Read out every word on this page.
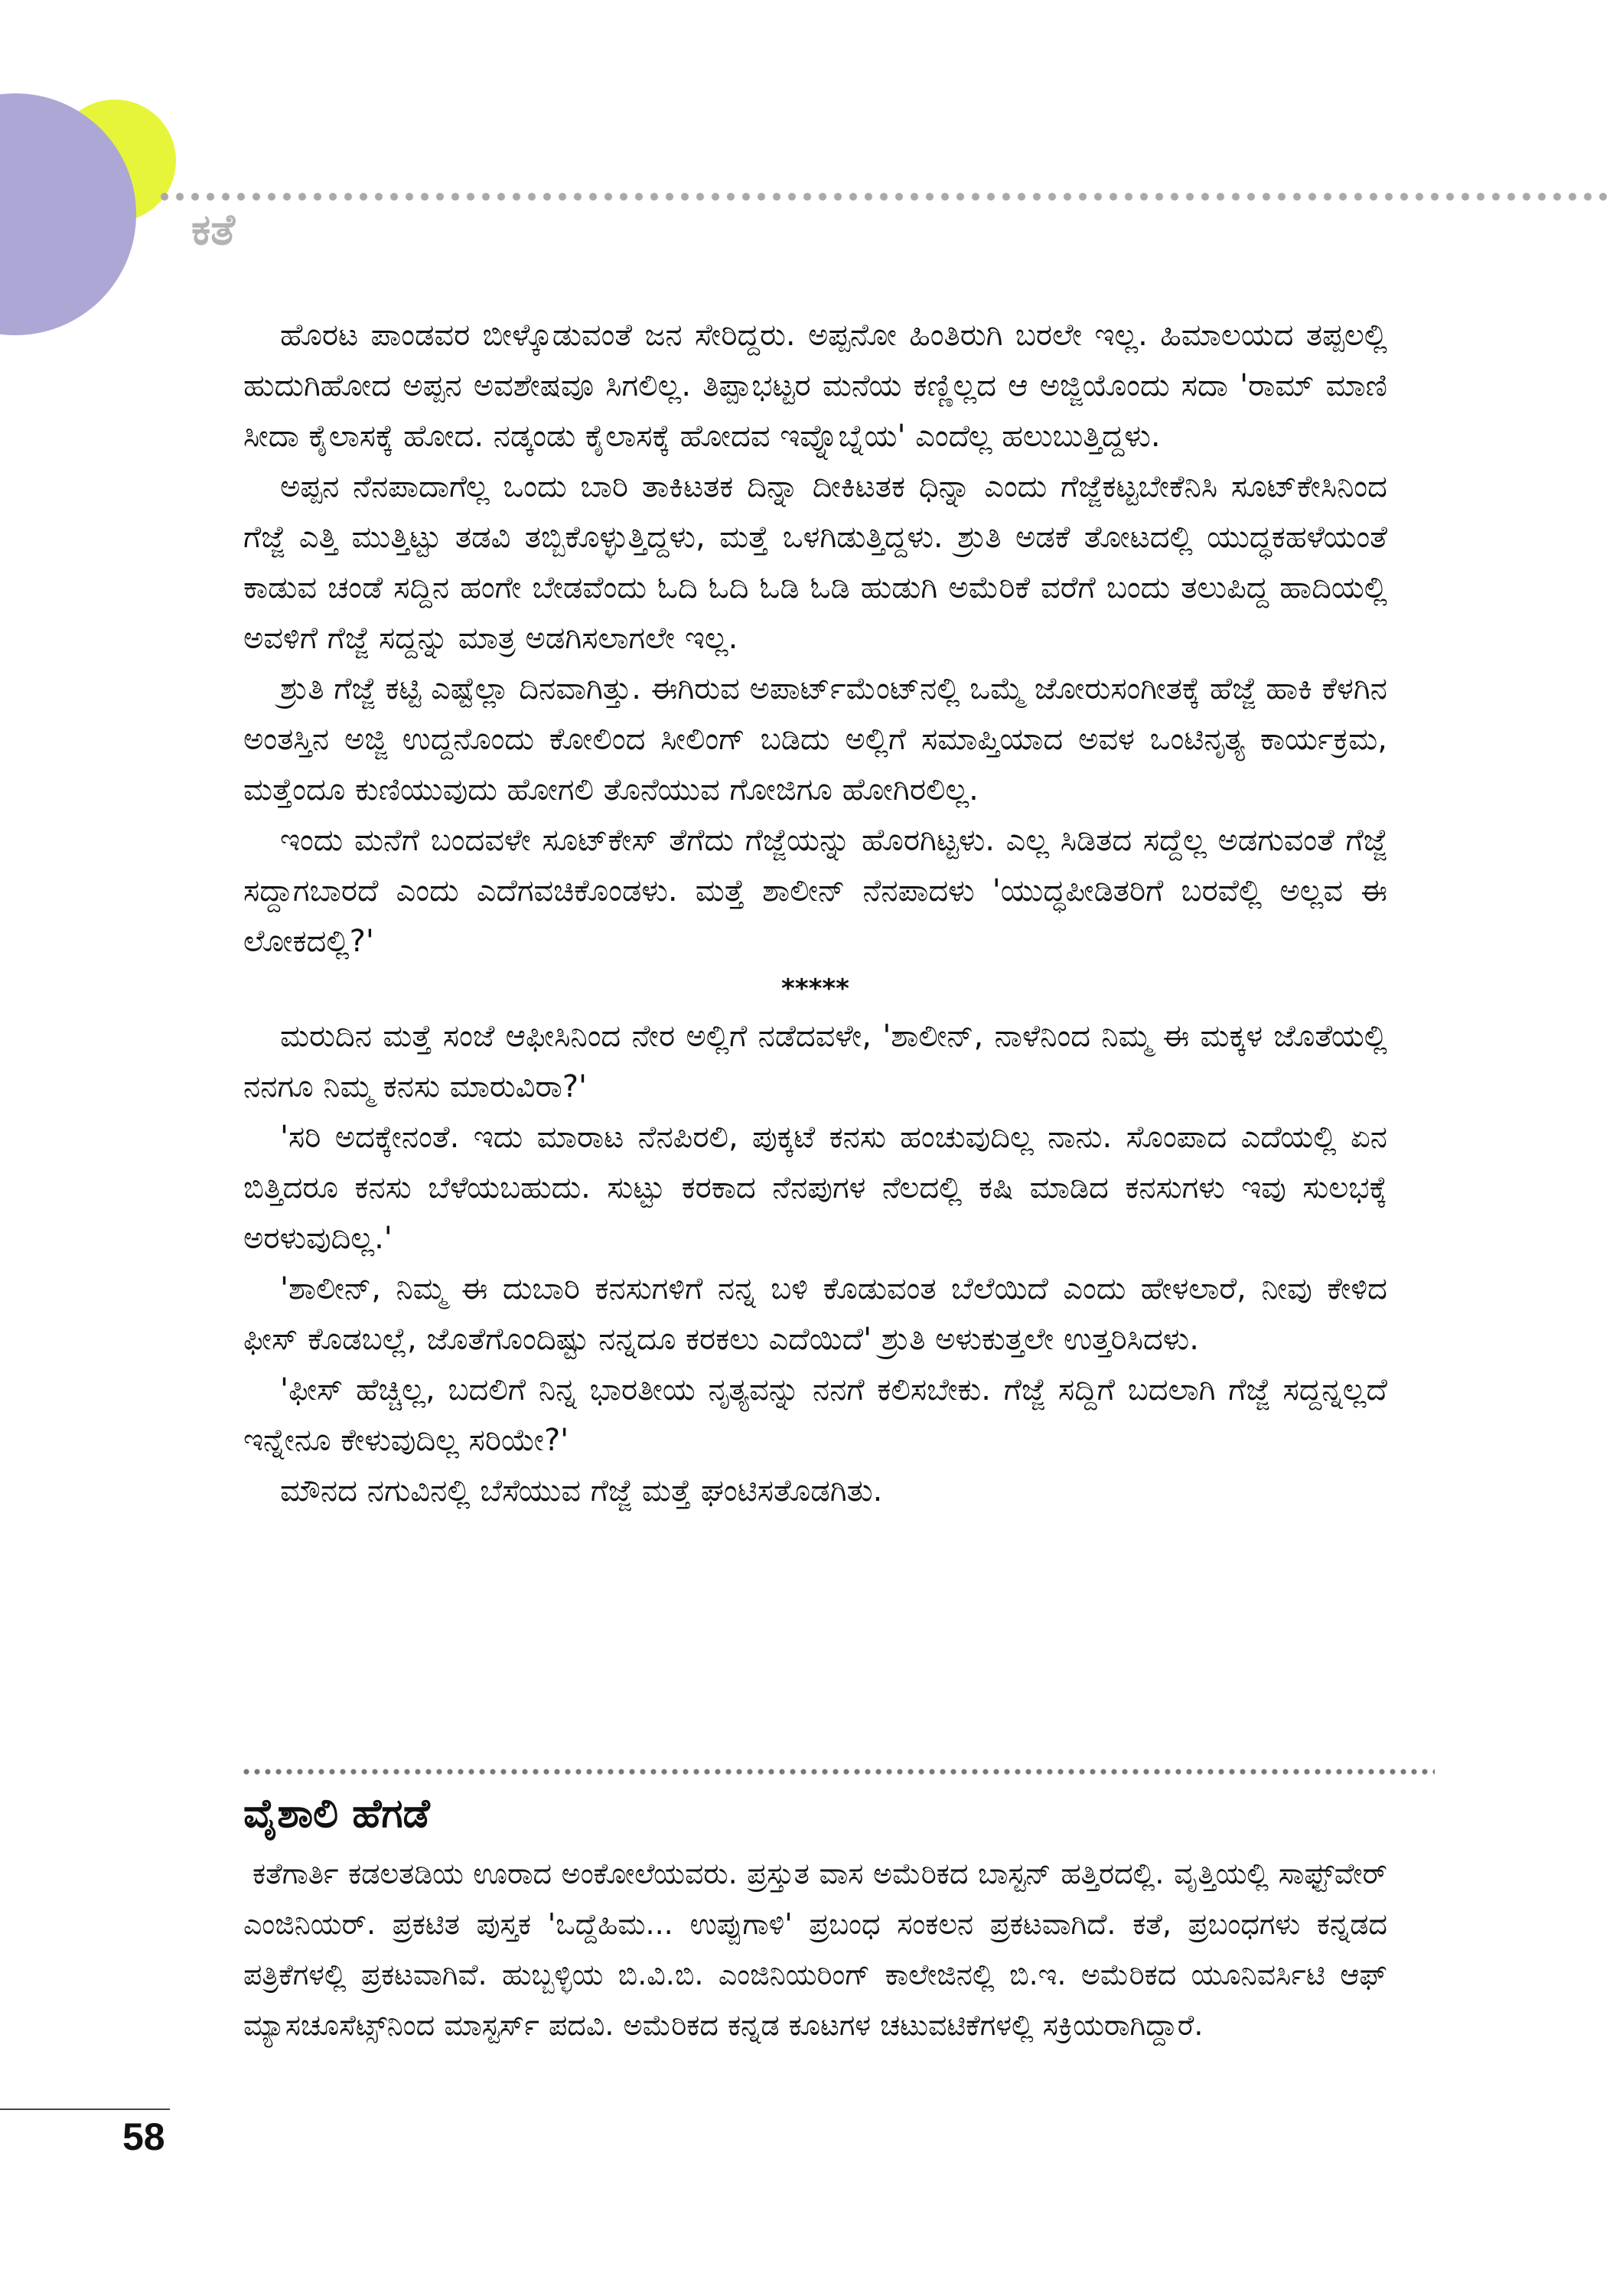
ಕತೆ

ಹೊರಟ ಪಾಂಡವರ ಬೀಳ್ಕೊಡುವಂತೆ ಜನ ಸೇರಿದ್ದರು. ಅಪ್ಪನೋ ಹಿಂತಿರುಗಿ ಬರಲೇ ಇಲ್ಲ. ಹಿಮಾಲಯದ ತಪ್ಪಲಲ್ಲಿ ಹುದುಗಿಹೋದ ಅಪ್ಪನ ಅವಶೇಷವೂ ಸಿಗಲಿಲ್ಲ. ತಿಪ್ಪಾಭಟ್ಟರ ಮನೆಯ ಕಣ್ಣಿಲ್ಲದ ಆ ಅಜ್ಜಿಯೊಂದು ಸದಾ 'ರಾಮ್ ಮಾಣಿ ಸೀದಾ ಕೈಲಾಸಕ್ಕೆ ಹೋದ. ನಡ್ಕಂಡು ಕೈಲಾಸಕ್ಕೆ ಹೋದವ ಇವ್ನೊಬ್ನೆಯ' ಎಂದೆಲ್ಲ ಹಲುಬುತ್ತಿದ್ದಳು.

ಅಪ್ಪನ ನೆನಪಾದಾಗೆಲ್ಲ ಒಂದು ಬಾರಿ ತಾಕಿಟತಕ ದಿನ್ನಾ ದೀಕಿಟತಕ ಧಿನ್ನಾ ಎಂದು ಗೆಜ್ಜೆಕಟ್ಟಬೇಕೆನಿಸಿ ಸೂಟ್‌ಕೇಸಿನಿಂದ ಗೆಜ್ಜೆ ಎತ್ತಿ ಮುತ್ತಿಟ್ಟು ತಡವಿ ತಬ್ಬಿಕೊಳ್ಳುತ್ತಿದ್ದಳು, ಮತ್ತೆ ಒಳಗಿಡುತ್ತಿದ್ದಳು. ಶ್ರುತಿ ಅಡಕೆ ತೋಟದಲ್ಲಿ ಯುದ್ಧಕಹಳೆಯಂತೆ ಕಾಡುವ ಚಂಡೆ ಸದ್ದಿನ ಹಂಗೇ ಬೇಡವೆಂದು ಓದಿ ಓದಿ ಓಡಿ ಓಡಿ ಹುಡುಗಿ ಅಮೆರಿಕೆ ವರೆಗೆ ಬಂದು ತಲುಪಿದ್ದ ಹಾದಿಯಲ್ಲಿ ಅವಳಿಗೆ ಗೆಜ್ಜೆ ಸದ್ದನ್ನು ಮಾತ್ರ ಅಡಗಿಸಲಾಗಲೇ ಇಲ್ಲ.

ಶ್ರುತಿ ಗೆಜ್ಜೆ ಕಟ್ಟಿ ಎಷ್ಟೆಲ್ಲಾ ದಿನವಾಗಿತ್ತು. ಈಗಿರುವ ಅಪಾರ್ಟ್‌ಮೆಂಟ್‌ನಲ್ಲಿ ಒಮ್ಮೆ ಜೋರುಸಂಗೀತಕ್ಕೆ ಹೆಜ್ಜೆ ಹಾಕಿ ಕೆಳಗಿನ ಅಂತಸ್ತಿನ ಅಜ್ಜಿ ಉದ್ದನೊಂದು ಕೋಲಿಂದ ಸೀಲಿಂಗ್ ಬಡಿದು ಅಲ್ಲಿಗೆ ಸಮಾಪ್ತಿಯಾದ ಅವಳ ಒಂಟಿನೃತ್ಯ ಕಾರ್ಯಕ್ರಮ, ಮತ್ತೆಂದೂ ಕುಣಿಯುವುದು ಹೋಗಲಿ ತೊನೆಯುವ ಗೋಜಿಗೂ ಹೋಗಿರಲಿಲ್ಲ.

ಇಂದು ಮನೆಗೆ ಬಂದವಳೇ ಸೂಟ್‌ಕೇಸ್ ತೆಗೆದು ಗೆಜ್ಜೆಯನ್ನು ಹೊರಗಿಟ್ಟಳು. ಎಲ್ಲ ಸಿಡಿತದ ಸದ್ದೆಲ್ಲ ಅಡಗುವಂತೆ ಗೆಜ್ಜೆ ಸದ್ದಾಗಬಾರದೆ ಎಂದು ಎದೆಗವಚಿಕೊಂಡಳು. ಮತ್ತೆ ಶಾಲೀನ್ ನೆನಪಾದಳು 'ಯುದ್ಧಪೀಡಿತರಿಗೆ ಬರವೆಲ್ಲಿ ಅಲ್ಲವ ಈ ಲೋಕದಲ್ಲಿ?'

*****

ಮರುದಿನ ಮತ್ತೆ ಸಂಜೆ ಆಫೀಸಿನಿಂದ ನೇರ ಅಲ್ಲಿಗೆ ನಡೆದವಳೇ, 'ಶಾಲೀನ್, ನಾಳೆನಿಂದ ನಿಮ್ಮ ಈ ಮಕ್ಕಳ ಜೊತೆಯಲ್ಲಿ ನನಗೂ ನಿಮ್ಮ ಕನಸು ಮಾರುವಿರಾ?'

'ಸರಿ ಅದಕ್ಕೇನಂತೆ. ಇದು ಮಾರಾಟ ನೆನಪಿರಲಿ, ಪುಕ್ಕಟೆ ಕನಸು ಹಂಚುವುದಿಲ್ಲ ನಾನು. ಸೊಂಪಾದ ಎದೆಯಲ್ಲಿ ಏನ ಬಿತ್ತಿದರೂ ಕನಸು ಬೆಳೆಯಬಹುದು. ಸುಟ್ಟು ಕರಕಾದ ನೆನಪುಗಳ ನೆಲದಲ್ಲಿ ಕಷಿ ಮಾಡಿದ ಕನಸುಗಳು ಇವು ಸುಲಭಕ್ಕೆ ಅರಳುವುದಿಲ್ಲ.'

'ಶಾಲೀನ್, ನಿಮ್ಮ ಈ ದುಬಾರಿ ಕನಸುಗಳಿಗೆ ನನ್ನ ಬಳಿ ಕೊಡುವಂತ ಬೆಲೆಯಿದೆ ಎಂದು ಹೇಳಲಾರೆ, ನೀವು ಕೇಳಿದ ಫೀಸ್ ಕೊಡಬಲ್ಲೆ, ಜೊತೆಗೊಂದಿಷ್ಟು ನನ್ನದೂ ಕರಕಲು ಎದೆಯಿದೆ' ಶ್ರುತಿ ಅಳುಕುತ್ತಲೇ ಉತ್ತರಿಸಿದಳು.

'ಫೀಸ್ ಹೆಚ್ಚಿಲ್ಲ, ಬದಲಿಗೆ ನಿನ್ನ ಭಾರತೀಯ ನೃತ್ಯವನ್ನು ನನಗೆ ಕಲಿಸಬೇಕು. ಗೆಜ್ಜೆ ಸದ್ದಿಗೆ ಬದಲಾಗಿ ಗೆಜ್ಜೆ ಸದ್ದನ್ನಲ್ಲದೆ ಇನ್ನೇನೂ ಕೇಳುವುದಿಲ್ಲ ಸರಿಯೇ?'

ಮೌನದ ನಗುವಿನಲ್ಲಿ ಬೆಸೆಯುವ ಗೆಜ್ಜೆ ಮತ್ತೆ ಘಂಟಿಸತೊಡಗಿತು.

ವೈಶಾಲಿ ಹೆಗಡೆ
ಕತೆಗಾರ್ತಿ ಕಡಲತಡಿಯ ಊರಾದ ಅಂಕೋಲೆಯವರು. ಪ್ರಸ್ತುತ ವಾಸ ಅಮೆರಿಕದ ಬಾಸ್ಟನ್ ಹತ್ತಿರದಲ್ಲಿ. ವೃತ್ತಿಯಲ್ಲಿ ಸಾಫ್ಟ್‌ವೇರ್ ಎಂಜಿನಿಯರ್. ಪ್ರಕಟಿತ ಪುಸ್ತಕ 'ಒದ್ದೆಹಿಮ... ಉಪ್ಪುಗಾಳಿ' ಪ್ರಬಂಧ ಸಂಕಲನ ಪ್ರಕಟವಾಗಿದೆ. ಕತೆ, ಪ್ರಬಂಧಗಳು ಕನ್ನಡದ ಪತ್ರಿಕೆಗಳಲ್ಲಿ ಪ್ರಕಟವಾಗಿವೆ. ಹುಬ್ಬಳ್ಳಿಯ ಬಿ.ವಿ.ಬಿ. ಎಂಜಿನಿಯರಿಂಗ್ ಕಾಲೇಜಿನಲ್ಲಿ ಬಿ.ಇ. ಅಮೆರಿಕದ ಯೂನಿವರ್ಸಿಟಿ ಆಫ್ ಮ್ಯಾಸಚೂಸೆಟ್ಸ್‌ನಿಂದ ಮಾಸ್ಟರ್ಸ್ ಪದವಿ. ಅಮೆರಿಕದ ಕನ್ನಡ ಕೂಟಗಳ ಚಟುವಟಿಕೆಗಳಲ್ಲಿ ಸಕ್ರಿಯರಾಗಿದ್ದಾರೆ.
58
